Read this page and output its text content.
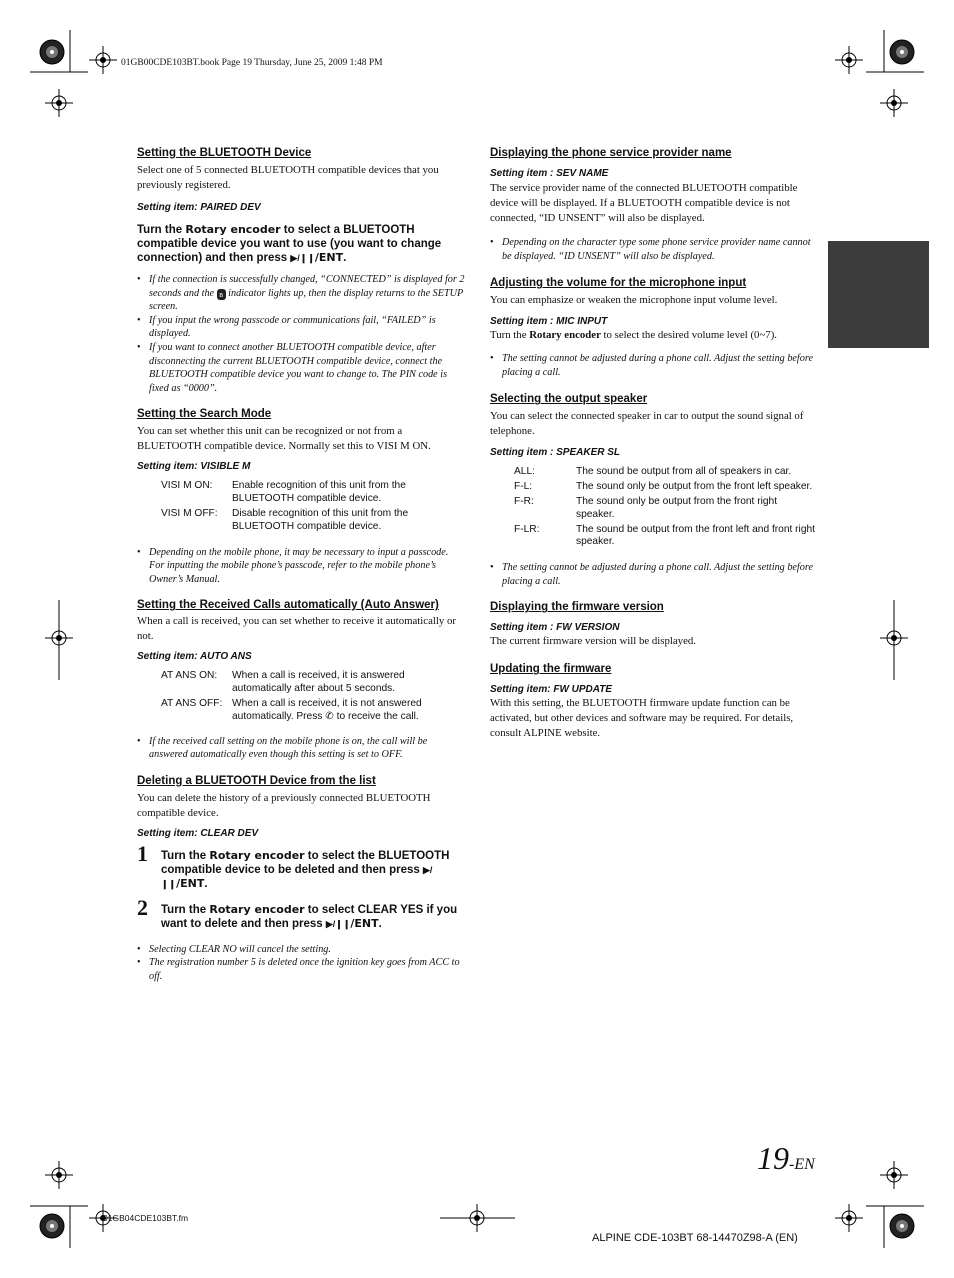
01GB00CDE103BT.book Page 19 Thursday, June 25, 2009 1:48 PM
01GB04CDE103BT.fm
ALPINE CDE-103BT 68-14470Z98-A (EN)
19-EN
Setting the BLUETOOTH Device
Select one of 5 connected BLUETOOTH compatible devices that you previously registered.
Setting item: PAIRED DEV
Turn the Rotary encoder to select a BLUETOOTH compatible device you want to use (you want to change connection) and then press ▶/❙❙/ENT.
• If the connection is successfully changed, “CONNECTED” is displayed for 2 seconds and the ʙ indicator lights up, then the display returns to the SETUP screen.
• If you input the wrong passcode or communications fail, “FAILED” is displayed.
• If you want to connect another BLUETOOTH compatible device, after disconnecting the current BLUETOOTH compatible device, connect the BLUETOOTH compatible device you want to change to. The PIN code is fixed as “0000”.
Setting the Search Mode
You can set whether this unit can be recognized or not from a BLUETOOTH compatible device. Normally set this to VISI M ON.
Setting item: VISIBLE M
VISI M ON:	Enable recognition of this unit from the BLUETOOTH compatible device.
VISI M OFF:	Disable recognition of this unit from the BLUETOOTH compatible device.
• Depending on the mobile phone, it may be necessary to input a passcode. For inputting the mobile phone’s passcode, refer to the mobile phone’s Owner’s Manual.
Setting the Received Calls automatically (Auto Answer)
When a call is received, you can set whether to receive it automatically or not.
Setting item: AUTO ANS
AT ANS ON:	When a call is received, it is answered automatically after about 5 seconds.
AT ANS OFF: When a call is received, it is not answered automatically. Press ✆ to receive the call.
• If the received call setting on the mobile phone is on, the call will be answered automatically even though this setting is set to OFF.
Deleting a BLUETOOTH Device from the list
You can delete the history of a previously connected BLUETOOTH compatible device.
Setting item: CLEAR DEV
1 Turn the Rotary encoder to select the BLUETOOTH compatible device to be deleted and then press ▶/❙❙/ENT.
2 Turn the Rotary encoder to select CLEAR YES if you want to delete and then press ▶/❙❙/ENT.
• Selecting CLEAR NO will cancel the setting.
• The registration number 5 is deleted once the ignition key goes from ACC to off.
Displaying the phone service provider name
Setting item : SEV NAME
The service provider name of the connected BLUETOOTH compatible device will be displayed. If a BLUETOOTH compatible device is not connected, “ID UNSENT” will also be displayed.
• Depending on the character type some phone service provider name cannot be displayed. “ID UNSENT” will also be displayed.
Adjusting the volume for the microphone input
You can emphasize or weaken the microphone input volume level.
Setting item : MIC INPUT
Turn the Rotary encoder to select the desired volume level (0~7).
• The setting cannot be adjusted during a phone call. Adjust the setting before placing a call.
Selecting the output speaker
You can select the connected speaker in car to output the sound signal of telephone.
Setting item : SPEAKER SL
ALL:	The sound be output from all of speakers in car.
F-L:	The sound only be output from the front left speaker.
F-R:	The sound only be output from the front right speaker.
F-LR:	The sound be output from the front left and front right speaker.
• The setting cannot be adjusted during a phone call. Adjust the setting before placing a call.
Displaying the firmware version
Setting item : FW VERSION
The current firmware version will be displayed.
Updating the firmware
Setting item: FW UPDATE
With this setting, the BLUETOOTH firmware update function can be activated, but other devices and software may be required. For details, consult ALPINE website.
